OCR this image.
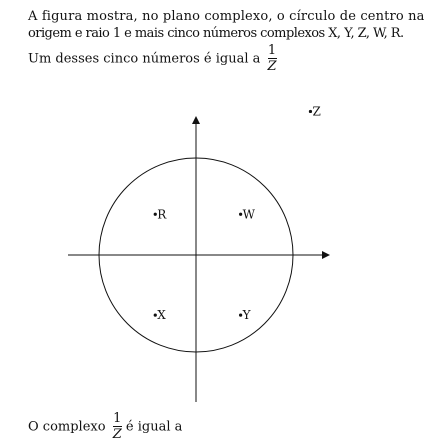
A figura mostra, no plano complexo, o círculo de centro na
origem e raio 1 e mais cinco números complexos X, Y, Z, W, R.
Um desses cinco números é igual a $\frac{1}{Z}$
Z
R	W
X	Y
O complexo $\frac{1}{Z}$ é igual a
